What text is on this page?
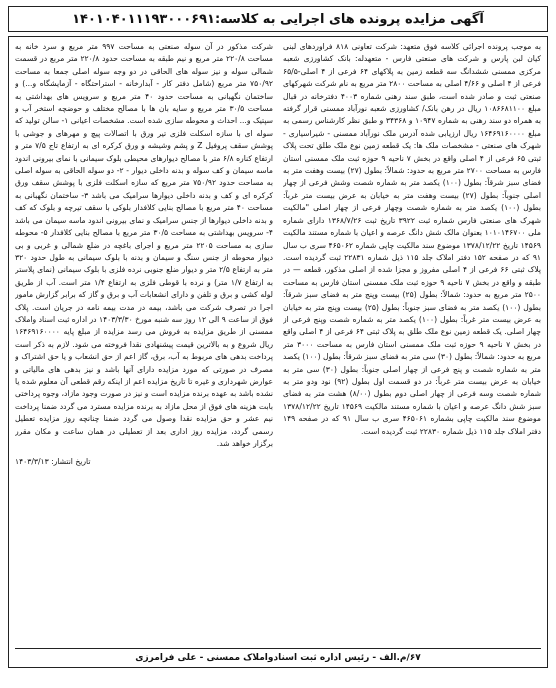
آگهی مزایده پرونده های اجرایی به کلاسه:۱۴۰۱۰۴۰۱۱۱۹۳۰۰۰۶۹۱

به موجب پرونده اجرائی کلاسه فوق متعهد: شرکت تعاونی ۸۱۸ فراوردهای لبنی کیان لبن پارس و شرکت های صنعتی فارس - متعهدله: بانک کشاورزی شعبه مرکزی ممسنی ششدانگ سه قطعه زمین به پلاکهای ۶۴ فرعی از ۴ اصلی-۶۵/۵ فرعی از ۴ اصلی و ۴/۶۶ اصلی به مساحت ۲۸۰۰ متر مربع به نام شرکت شهرکهای صنعتی ثبت و صادر شده است، طبق سند رهنی شماره ۴۰۰۳ دفترخانه در قبال مبلغ ۱۰۸۶۶۸۱۱۰۰ ریال در رهن بانک/ کشاورزی شعبه نورآباد ممسنی قرار گرفته به همراه دو سند رهنی به شماره ۱۰۹۴۷ و ۳۴۳۶۸ و طبق نظر کارشناس رسمی به مبلغ ۱۶۴۶۹۱۶۰۰۰۰ ریال ارزیابی شده آدرس ملک نورآباد ممسنی - شیراسیاری - شهرک های صنعتی - مشخصات ملک ها: یک قطعه زمین نوع ملک طلق تحت پلاک ثبتی ۶۵ فرعی از ۴ اصلی واقع در بخش ۷ ناحیه ۹ حوزه ثبت ملک ممسنی استان فارس به مساحت ۲۷۰۰ متر مربع به حدود: شمالاً: بطول (۲۷) بیست وهفت متر به فضای سبز شرقاً: بطول (۱۰۰) یکصد متر به شماره شصت وشش فرعی از چهار اصلی جنوباً: بطول (۲۷) بیست وهفت متر به خیابان به عرض بیست متر غرباً: بطول (۱۰۰) یکصد متر به شماره شصت وچهار فرعی از چهار اصلی "مالکیت شهرک های صنعتی فارس شماره ثبت ۳۹۲۲ تاریخ ثبت ۱۳۶۸/۷/۲۶ دارای شماره ملی ۱۰۱۰۱۴۶۷۰۰ بعنوان مالک شش دانگ عرصه و اعیان با شماره مستند مالکیت ۱۴۵۶۹ تاریخ ۱۳۷۸/۱۲/۲۲ موضوع سند مالکیت چاپی شماره ۴۶۵۰۶۲ سری ب سال ۹۱ که در صفحه ۱۵۲ دفتر املاک جلد ۱۱۵ ذیل شماره ۲۲۸۳۱ ثبت گردیده است. پلاک ثبتی ۶۶ فرعی از ۴ اصلی مفروز و مجزا شده از اصلی مذکور، قطعه — در طبقه و واقع در بخش ۷ ناحیه ۹ حوزه ثبت ملک ممسنی استان فارس به مساحت ۲۵۰۰ متر مربع به حدود: شمالاً: بطول (۲۵) بیست وپنج متر به فضای سبز شرقاً: بطول (۱۰۰) یکصد متر به فضای سبز جنوباً: بطول (۲۵) بیست وپنج متر به خیابان به عرض بیست متر غرباً: بطول (۱۰۰) یکصد متر به شماره شصت وپنج فرعی از چهار اصلی. یک قطعه زمین نوع ملک طلق به پلاک ثبتی ۶۴ فرعی از ۴ اصلی واقع در بخش ۷ ناحیه ۹ حوزه ثبت ملک ممسنی استان فارس به مساحت ۳۰۰۰ متر مربع به حدود: شمالاً: بطول (۳۰) سی متر به فضای سبز شرقاً: بطول (۱۰۰) یکصد متر به شماره شصت و پنج فرعی از چهار اصلی جنوباً: بطول (۳۰) سی متر به خیابان به عرض بیست متر غرباً: در دو قسمت اول بطول (۹۲) نود ودو متر به شماره شصت وسه فرعی از چهار اصلی دوم بطول (۸/۰۰) هشت متر به فضای سبز شش دانگ عرصه و اعیان با شماره مستند مالکیت ۱۴۵۶۹ تاریخ ۱۳۷۸/۱۲/۲۲ موضوع سند مالکیت چاپی بشماره ۴۶۵۰۶۱ سری ب سال ۹۱ که در صفحه ۱۴۹ دفتر املاک جلد ۱۱۵ ذیل شماره ۲۲۸۳۰ ثبت گردیده است.

شرکت مذکور در آن سوله صنعتی به مساحت ۹۹۷ متر مربع و سرد خانه به مساحت ۲۲۰/۸ متر مربع و نیم طبقه به مساحت حدود ۲۲۰/۸ متر مربع در قسمت شمالی سوله و نیز سوله های الحاقی در دو وجه سوله اصلی جمعا به مساحت ۷۵۰/۹۲ متر مربع (شامل دفتر کار - آبدارخانه - استراحتگاه - آزمایشگاه و...) و ساختمان نگهبانی به مساحت حدود ۴۰ متر مربع و سرویس های بهداشتی به مساحت ۳۰/۵ متر مربع و سایه بان ها با مصالح مختلف و حوضچه استخر آب و سپتیک و... احداث و محوطه سازی شده است. مشخصات اعیانی ۱- سالن تولید که سوله ای با سازه اسکلت فلزی تیر ورق با اتصالات پیچ و مهرهای و جوشی با پوشش سقف پروفیل Z و پشم وشیشه و ورق کرکره ای به ارتفاع تاج ۷/۵ متر و ارتفاع کناره ۶/۸ متر با مصالح دیوارهای محیطی بلوک سیمانی با نمای بیرونی اندود ماسه سیمان و کف سوله و بدنه داخلی دیوار - ۲- دو سوله الحاقی به سوله اصلی به مساحت حدود ۷۵۰/۹۲ متر مربع که سازه اسکلت فلزی با پوشش سقف ورق کرکره ای و کف و بدنه داخلی دیوارها سرامیک می باشد ۳- ساختمان نگهبانی به مساحت ۴۰ متر مربع با مصالح بنایی کلافدار بلوکی با سقف تیرچه و بلوک که کف و بدنه داخلی دیوارها از جنس سرامیک و نمای بیرونی اندود ماسه سیمان می باشد ۴- سرویس بهداشتی به مساحت ۳۰/۵ متر مربع با مصالح بنایی کلافدار ۵- محوطه سازی به مساحت ۲۲۰۵ متر مربع و اجرای باغچه در ضلع شمالی و غربی و بی دیوار محوطه از جنس سنگ و سیمان و بدنه با بلوک سیمانی به طول حدود ۳۲۰ متر به ارتفاع ۲/۵ متر و دیوار ضلع جنوبی نرده فلزی با بلوک سیمانی (نمای پلاستر به ارتفاع ۱/۷ متر) و نرده با قوطی فلزی به ارتفاع ۱/۴ متر است. آب از طریق لوله کشی و برق و تلفن و دارای انشعابات آب و برق و گاز که برابر گزارش مامور اجرا در تصرف شرکت می باشد، بیمه در مدت بیمه نامه در جریان است. پلاک فوق از ساعت ۹ الی ۱۲ روز سه شنبه مورخ ۱۴۰۳/۳/۳۰ در اداره ثبت اسناد واملاک ممسنی از طریق مزایده به فروش می رسد مزایده از مبلغ پایه ۱۶۴۶۹۱۶۰۰۰۰ ریال شروع و به بالاترین قیمت پیشنهادی نقدا فروخته می شود. لازم به ذکر است پرداخت بدهی های مربوط به آب، برق، گاز اعم از حق انشعاب و یا حق اشتراک و مصرف در صورتی که مورد مزایده دارای آنها باشد و نیز بدهی های مالیاتی و عوارض شهرداری و غیره تا تاریخ مزایده اعم از اینکه رقم قطعی آن معلوم شده یا نشده باشد به عهده برنده مزایده است و نیز در صورت وجود مازاد، وجوه پرداختی بابت هزینه های فوق از محل مازاد به برنده مزایده مسترد می گردد ضمنا پرداخت نیم عشر و حق مزایده نقدا وصول می گردد ضمنا چنانچه روز مزایده تعطیل رسمی گردد، مزایده روز اداری بعد از تعطیلی در همان ساعت و مکان مقرر برگزار خواهد شد.

تاریخ انتشار: ۱۴۰۳/۳/۱۳
۶۷/م.الف - رئیس اداره ثبت اسنادواملاک ممسنی - علی فرامرزی
